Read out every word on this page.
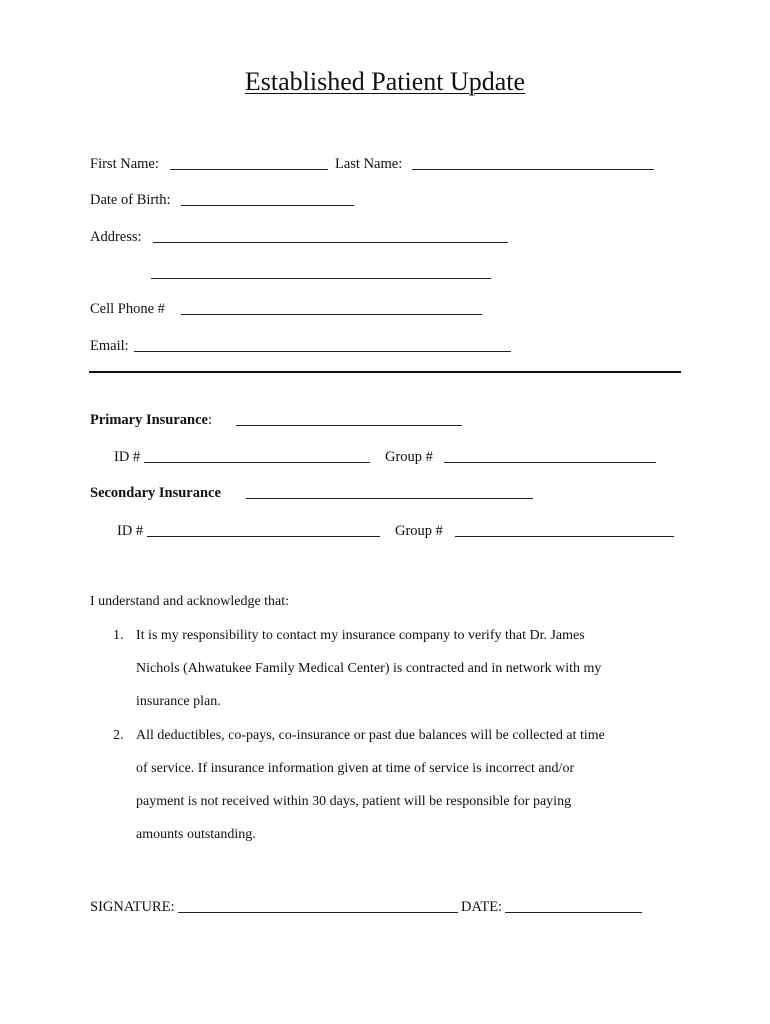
Established Patient Update
First Name:	Last Name:
Date of Birth:
Address:
Cell Phone #
Email:
Primary Insurance:
ID #	Group #
Secondary Insurance
ID #	Group #
I understand and acknowledge that:
1. It is my responsibility to contact my insurance company to verify that Dr. James
Nichols (Ahwatukee Family Medical Center) is contracted and in network with my
insurance plan.
2. All deductibles, co-pays, co-insurance or past due balances will be collected at time
of service. If insurance information given at time of service is incorrect and/or
payment is not received within 30 days, patient will be responsible for paying
amounts outstanding.
SIGNATURE:	DATE:
